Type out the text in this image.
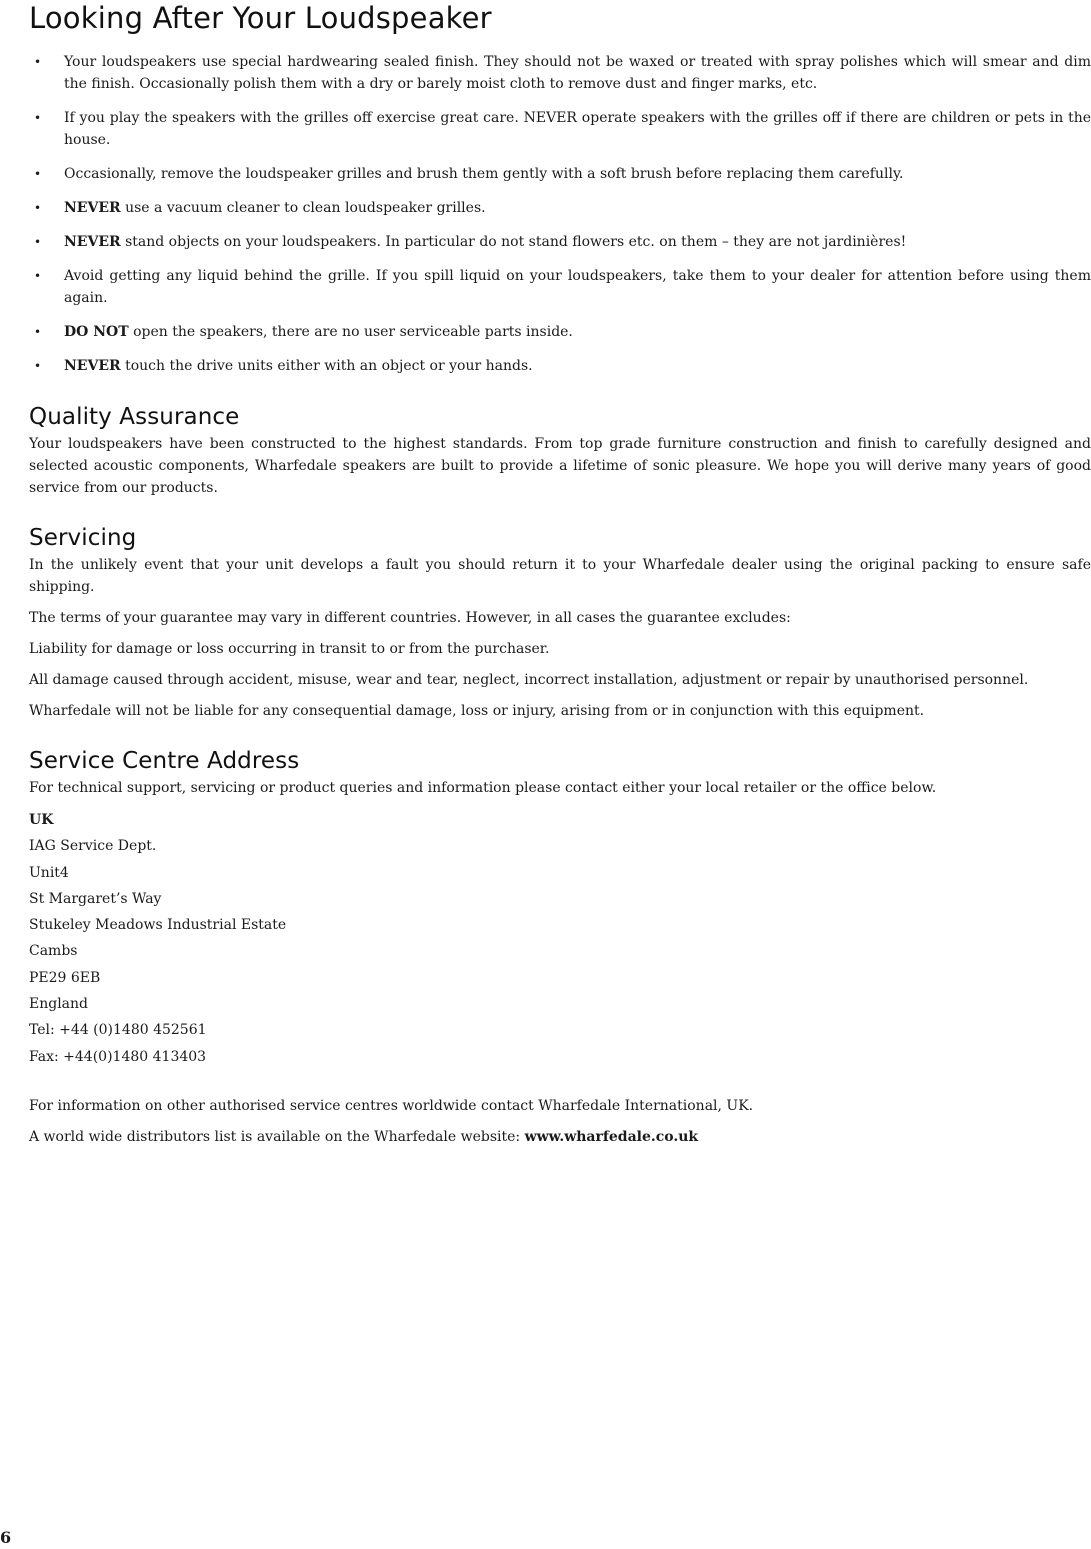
Looking After Your Loudspeaker
• Your loudspeakers use special hardwearing sealed finish. They should not be waxed or treated with spray polishes which will smear and dim the finish. Occasionally polish them with a dry or barely moist cloth to remove dust and finger marks, etc.
• If you play the speakers with the grilles off exercise great care. NEVER operate speakers with the grilles off if there are children or pets in the house.
• Occasionally, remove the loudspeaker grilles and brush them gently with a soft brush before replacing them carefully.
• NEVER use a vacuum cleaner to clean loudspeaker grilles.
• NEVER stand objects on your loudspeakers. In particular do not stand flowers etc. on them – they are not jardinières!
• Avoid getting any liquid behind the grille. If you spill liquid on your loudspeakers, take them to your dealer for attention before using them again.
• DO NOT open the speakers, there are no user serviceable parts inside.
• NEVER touch the drive units either with an object or your hands.
Quality Assurance

Your loudspeakers have been constructed to the highest standards. From top grade furniture construction and finish to carefully designed and selected acoustic components, Wharfedale speakers are built to provide a lifetime of sonic pleasure. We hope you will derive many years of good service from our products.

Servicing

In the unlikely event that your unit develops a fault you should return it to your Wharfedale dealer using the original packing to ensure safe shipping.

The terms of your guarantee may vary in different countries. However, in all cases the guarantee excludes:

Liability for damage or loss occurring in transit to or from the purchaser.

All damage caused through accident, misuse, wear and tear, neglect, incorrect installation, adjustment or repair by unauthorised personnel.

Wharfedale will not be liable for any consequential damage, loss or injury, arising from or in conjunction with this equipment.

Service Centre Address

For technical support, servicing or product queries and information please contact either your local retailer or the office below.

UK
IAG Service Dept.
Unit4
St Margaret’s Way
Stukeley Meadows Industrial Estate
Cambs
PE29 6EB
England
Tel: +44 (0)1480 452561
Fax: +44(0)1480 413403

For information on other authorised service centres worldwide contact Wharfedale International, UK.

A world wide distributors list is available on the Wharfedale website: www.wharfedale.co.uk

6
